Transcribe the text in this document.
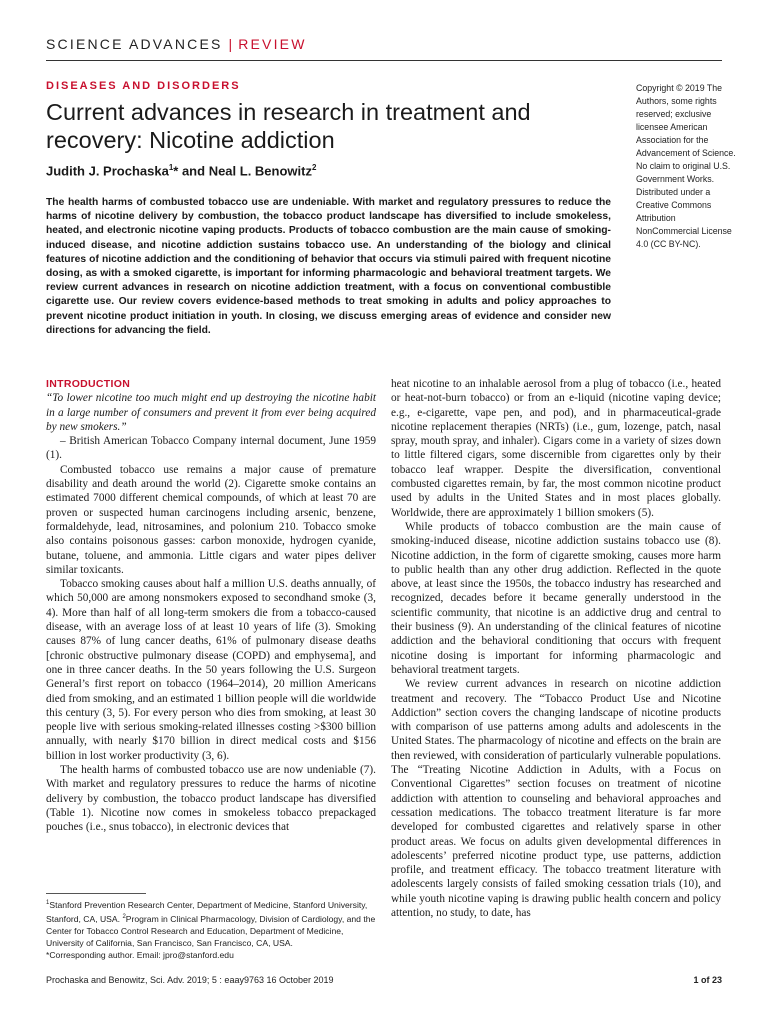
SCIENCE ADVANCES | REVIEW
DISEASES AND DISORDERS
Current advances in research in treatment and recovery: Nicotine addiction
Judith J. Prochaska$^1$* and Neal L. Benowitz$^2$
Copyright © 2019 The Authors, some rights reserved; exclusive licensee American Association for the Advancement of Science. No claim to original U.S. Government Works. Distributed under a Creative Commons Attribution NonCommercial License 4.0 (CC BY-NC).
The health harms of combusted tobacco use are undeniable. With market and regulatory pressures to reduce the harms of nicotine delivery by combustion, the tobacco product landscape has diversified to include smokeless, heated, and electronic nicotine vaping products. Products of tobacco combustion are the main cause of smoking-induced disease, and nicotine addiction sustains tobacco use. An understanding of the biology and clinical features of nicotine addiction and the conditioning of behavior that occurs via stimuli paired with frequent nicotine dosing, as with a smoked cigarette, is important for informing pharmacologic and behavioral treatment targets. We review current advances in research on nicotine addiction treatment, with a focus on conventional combustible cigarette use. Our review covers evidence-based methods to treat smoking in adults and policy approaches to prevent nicotine product initiation in youth. In closing, we discuss emerging areas of evidence and consider new directions for advancing the field.
INTRODUCTION

“To lower nicotine too much might end up destroying the nicotine habit in a large number of consumers and prevent it from ever being acquired by new smokers.”

– British American Tobacco Company internal document, June 1959 (1).

Combusted tobacco use remains a major cause of premature disability and death around the world (2). Cigarette smoke contains an estimated 7000 different chemical compounds, of which at least 70 are proven or suspected human carcinogens including arsenic, benzene, formaldehyde, lead, nitrosamines, and polonium 210. Tobacco smoke also contains poisonous gasses: carbon monoxide, hydrogen cyanide, butane, toluene, and ammonia. Little cigars and water pipes deliver similar toxicants.

Tobacco smoking causes about half a million U.S. deaths annually, of which 50,000 are among nonsmokers exposed to secondhand smoke (3, 4). More than half of all long-term smokers die from a tobacco-caused disease, with an average loss of at least 10 years of life (3). Smoking causes 87% of lung cancer deaths, 61% of pulmonary disease deaths [chronic obstructive pulmonary disease (COPD) and emphysema], and one in three cancer deaths. In the 50 years following the U.S. Surgeon General’s first report on tobacco (1964–2014), 20 million Americans died from smoking, and an estimated 1 billion people will die worldwide this century (3, 5). For every person who dies from smoking, at least 30 people live with serious smoking-related illnesses costing >$300 billion annually, with nearly $170 billion in direct medical costs and $156 billion in lost worker productivity (3, 6).

The health harms of combusted tobacco use are now undeniable (7). With market and regulatory pressures to reduce the harms of nicotine delivery by combustion, the tobacco product landscape has diversified (Table 1). Nicotine now comes in smokeless tobacco prepackaged pouches (i.e., snus tobacco), in electronic devices that

heat nicotine to an inhalable aerosol from a plug of tobacco (i.e., heated or heat-not-burn tobacco) or from an e-liquid (nicotine vaping device; e.g., e-cigarette, vape pen, and pod), and in pharmaceutical-grade nicotine replacement therapies (NRTs) (i.e., gum, lozenge, patch, nasal spray, mouth spray, and inhaler). Cigars come in a variety of sizes down to little filtered cigars, some discernible from cigarettes only by their tobacco leaf wrapper. Despite the diversification, conventional combusted cigarettes remain, by far, the most common nicotine product used by adults in the United States and in most places globally. Worldwide, there are approximately 1 billion smokers (5).

While products of tobacco combustion are the main cause of smoking-induced disease, nicotine addiction sustains tobacco use (8). Nicotine addiction, in the form of cigarette smoking, causes more harm to public health than any other drug addiction. Reflected in the quote above, at least since the 1950s, the tobacco industry has researched and recognized, decades before it became generally understood in the scientific community, that nicotine is an addictive drug and central to their business (9). An understanding of the clinical features of nicotine addiction and the behavioral conditioning that occurs with frequent nicotine dosing is important for informing pharmacologic and behavioral treatment targets.

We review current advances in research on nicotine addiction treatment and recovery. The “Tobacco Product Use and Nicotine Addiction” section covers the changing landscape of nicotine products with comparison of use patterns among adults and adolescents in the United States. The pharmacology of nicotine and effects on the brain are then reviewed, with consideration of particularly vulnerable populations. The “Treating Nicotine Addiction in Adults, with a Focus on Conventional Cigarettes” section focuses on treatment of nicotine addiction with attention to counseling and behavioral approaches and cessation medications. The tobacco treatment literature is far more developed for combusted cigarettes and relatively sparse in other product areas. We focus on adults given developmental differences in adolescents’ preferred nicotine product type, use patterns, addiction profile, and treatment efficacy. The tobacco treatment literature with adolescents largely consists of failed smoking cessation trials (10), and while youth nicotine vaping is drawing public health concern and policy attention, no study, to date, has

$^1$Stanford Prevention Research Center, Department of Medicine, Stanford University, Stanford, CA, USA. $^2$Program in Clinical Pharmacology, Division of Cardiology, and the Center for Tobacco Control Research and Education, Department of Medicine, University of California, San Francisco, San Francisco, CA, USA.

*Corresponding author. Email: jpro@stanford.edu

Prochaska and Benowitz, Sci. Adv. 2019; 5 : eaay9763 16 October 2019	1 of 23
